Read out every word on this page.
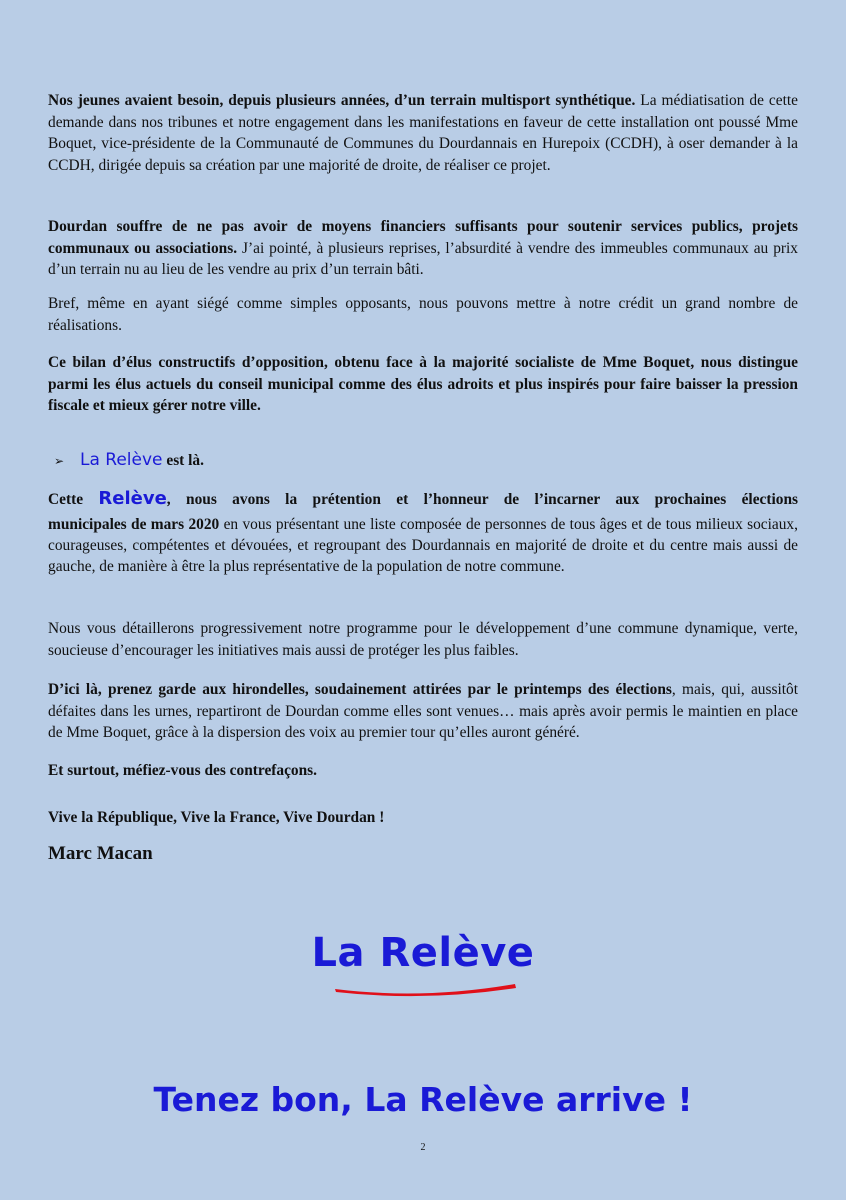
Nos jeunes avaient besoin, depuis plusieurs années, d’un terrain multisport synthétique. La médiatisation de cette demande dans nos tribunes et notre engagement dans les manifestations en faveur de cette installation ont poussé Mme Boquet, vice-présidente de la Communauté de Communes du Dourdannais en Hurepoix (CCDH), à oser demander à la CCDH, dirigée depuis sa création par une majorité de droite, de réaliser ce projet.

Dourdan souffre de ne pas avoir de moyens financiers suffisants pour soutenir services publics, projets communaux ou associations. J’ai pointé, à plusieurs reprises, l’absurdité à vendre des immeubles communaux au prix d’un terrain nu au lieu de les vendre au prix d’un terrain bâti.

Bref, même en ayant siégé comme simples opposants, nous pouvons mettre à notre crédit un grand nombre de réalisations.

Ce bilan d’élus constructifs d’opposition, obtenu face à la majorité socialiste de Mme Boquet, nous distingue parmi les élus actuels du conseil municipal comme des élus adroits et plus inspirés pour faire baisser la pression fiscale et mieux gérer notre ville.

➢ La Relève est là.

Cette Relève, nous avons la prétention et l’honneur de l’incarner aux prochaines élections
municipales de mars 2020 en vous présentant une liste composée de personnes de tous âges et de tous milieux sociaux, courageuses, compétentes et dévouées, et regroupant des Dourdannais en majorité de droite et du centre mais aussi de gauche, de manière à être la plus représentative de la population de notre commune.

Nous vous détaillerons progressivement notre programme pour le développement d’une commune dynamique, verte, soucieuse d’encourager les initiatives mais aussi de protéger les plus faibles.

D’ici là, prenez garde aux hirondelles, soudainement attirées par le printemps des élections, mais, qui, aussitôt défaites dans les urnes, repartiront de Dourdan comme elles sont venues… mais après avoir permis le maintien en place de Mme Boquet, grâce à la dispersion des voix au premier tour qu’elles auront généré.

Et surtout, méfiez-vous des contrefaçons.

Vive la République, Vive la France, Vive Dourdan !

Marc Macan
La Relève
Tenez bon, La Relève arrive !
2
